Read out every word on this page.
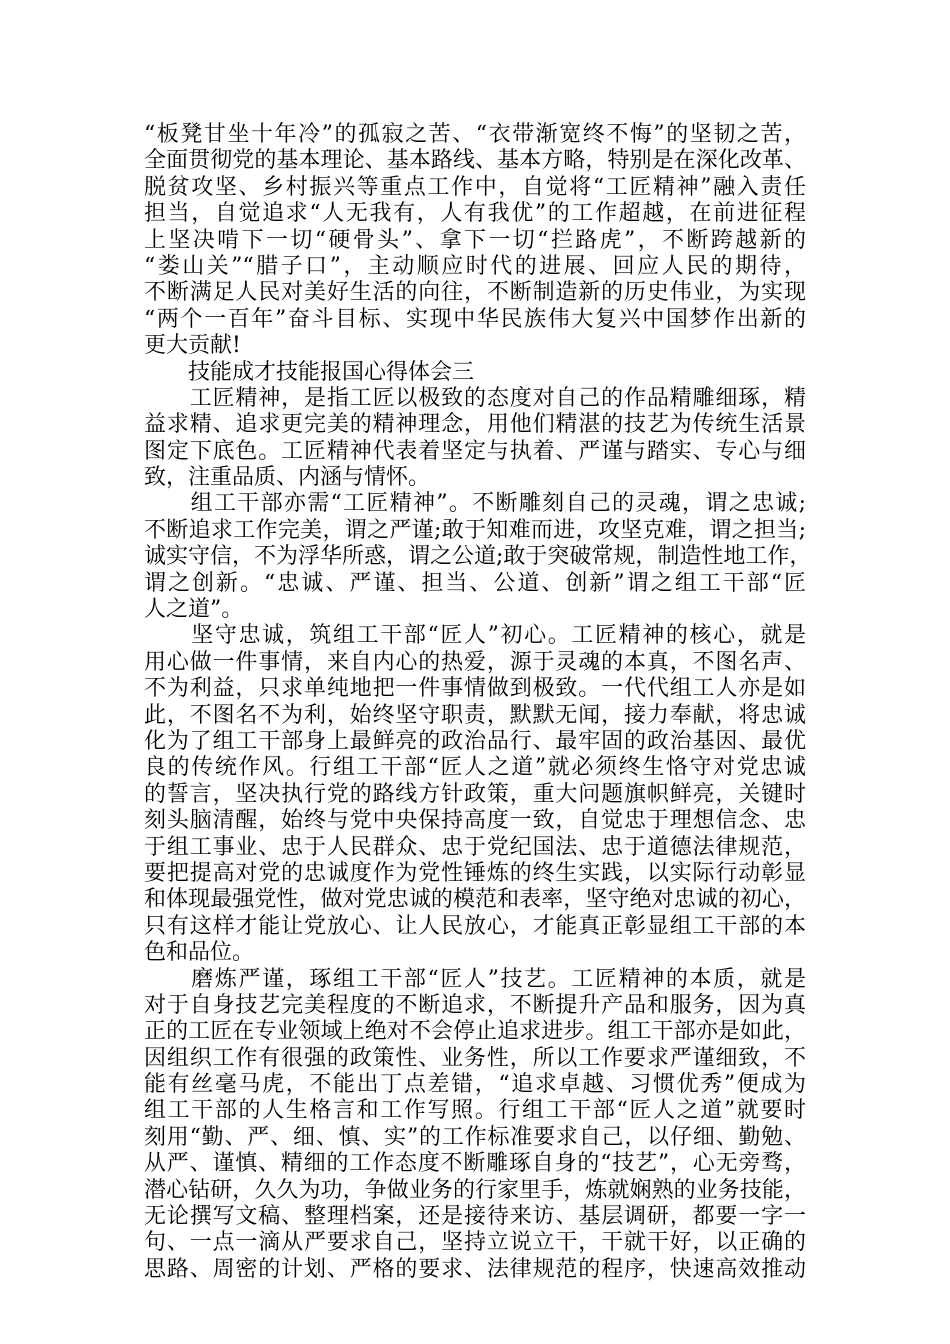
“板凳甘坐十年冷”的孤寂之苦、“衣带渐宽终不悔”的坚韧之苦，
全面贯彻党的基本理论、基本路线、基本方略，特别是在深化改革、
脱贫攻坚、乡村振兴等重点工作中，自觉将“工匠精神”融入责任
担当，自觉追求“人无我有，人有我优”的工作超越，在前进征程
上坚决啃下一切“硬骨头”、拿下一切“拦路虎”，不断跨越新的
“娄山关”“腊子口”，主动顺应时代的进展、回应人民的期待，
不断满足人民对美好生活的向往，不断制造新的历史伟业，为实现
“两个一百年”奋斗目标、实现中华民族伟大复兴中国梦作出新的
更大贡献!
　　技能成才技能报国心得体会三
　　工匠精神，是指工匠以极致的态度对自己的作品精雕细琢，精
益求精、追求更完美的精神理念，用他们精湛的技艺为传统生活景
图定下底色。工匠精神代表着坚定与执着、严谨与踏实、专心与细
致，注重品质、内涵与情怀。
　　组工干部亦需“工匠精神”。不断雕刻自己的灵魂，谓之忠诚;
不断追求工作完美，谓之严谨;敢于知难而进，攻坚克难，谓之担当;
诚实守信，不为浮华所惑，谓之公道;敢于突破常规，制造性地工作，
谓之创新。“忠诚、严谨、担当、公道、创新”谓之组工干部“匠
人之道”。
　　坚守忠诚，筑组工干部“匠人”初心。工匠精神的核心，就是
用心做一件事情，来自内心的热爱，源于灵魂的本真，不图名声、
不为利益，只求单纯地把一件事情做到极致。一代代组工人亦是如
此，不图名不为利，始终坚守职责，默默无闻，接力奉献，将忠诚
化为了组工干部身上最鲜亮的政治品行、最牢固的政治基因、最优
良的传统作风。行组工干部“匠人之道”就必须终生恪守对党忠诚
的誓言，坚决执行党的路线方针政策，重大问题旗帜鲜亮，关键时
刻头脑清醒，始终与党中央保持高度一致，自觉忠于理想信念、忠
于组工事业、忠于人民群众、忠于党纪国法、忠于道德法律规范，
要把提高对党的忠诚度作为党性锤炼的终生实践，以实际行动彰显
和体现最强党性，做对党忠诚的模范和表率，坚守绝对忠诚的初心，
只有这样才能让党放心、让人民放心，才能真正彰显组工干部的本
色和品位。
　　磨炼严谨，琢组工干部“匠人”技艺。工匠精神的本质，就是
对于自身技艺完美程度的不断追求，不断提升产品和服务，因为真
正的工匠在专业领域上绝对不会停止追求进步。组工干部亦是如此，
因组织工作有很强的政策性、业务性，所以工作要求严谨细致，不
能有丝毫马虎，不能出丁点差错，“追求卓越、习惯优秀”便成为
组工干部的人生格言和工作写照。行组工干部“匠人之道”就要时
刻用“勤、严、细、慎、实”的工作标准要求自己，以仔细、勤勉、
从严、谨慎、精细的工作态度不断雕琢自身的“技艺”，心无旁骛，
潜心钻研，久久为功，争做业务的行家里手，炼就娴熟的业务技能，
无论撰写文稿、整理档案，还是接待来访、基层调研，都要一字一
句、一点一滴从严要求自己，坚持立说立干，干就干好，以正确的
思路、周密的计划、严格的要求、法律规范的程序，快速高效推动
